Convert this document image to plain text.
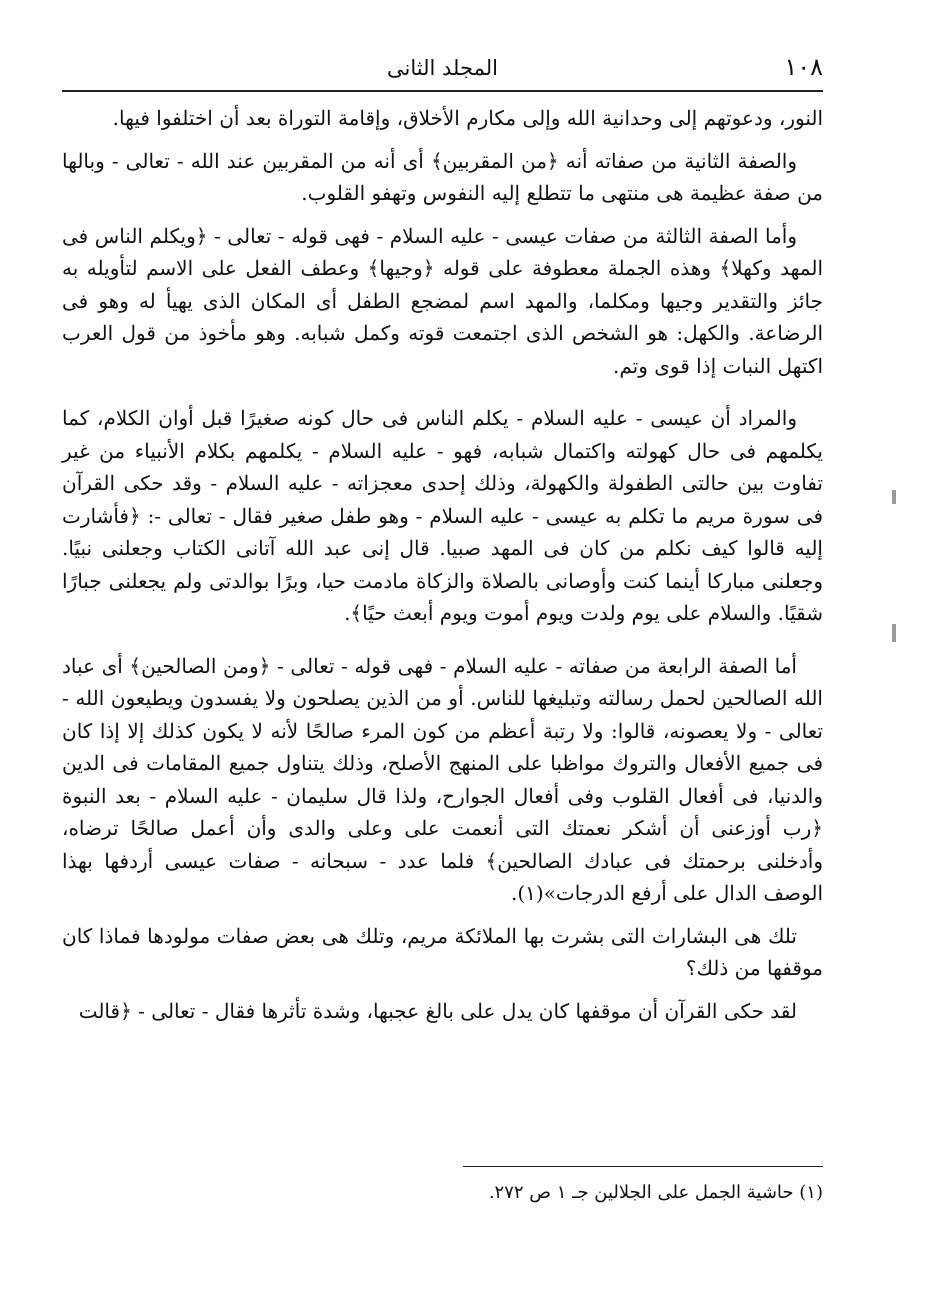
١٠٨
المجلد الثانى

النور، ودعوتهم إلى وحدانية الله وإلى مكارم الأخلاق، وإقامة التوراة بعد أن اختلفوا فيها.

والصفة الثانية من صفاته أنه ﴿من المقربين﴾ أى أنه من المقربين عند الله - تعالى - وبالها من صفة عظيمة هى منتهى ما تتطلع إليه النفوس وتهفو القلوب.

وأما الصفة الثالثة من صفات عيسى - عليه السلام - فهى قوله - تعالى - ﴿ويكلم الناس فى المهد وكهلا﴾ وهذه الجملة معطوفة على قوله ﴿وجيها﴾ وعطف الفعل على الاسم لتأويله به جائز والتقدير وجيها ومكلما، والمهد اسم لمضجع الطفل أى المكان الذى يهيأ له وهو فى الرضاعة. والكهل: هو الشخص الذى اجتمعت قوته وكمل شبابه. وهو مأخوذ من قول العرب اكتهل النبات إذا قوى وتم.

والمراد أن عيسى - عليه السلام - يكلم الناس فى حال كونه صغيرًا قبل أوان الكلام، كما يكلمهم فى حال كهولته واكتمال شبابه، فهو - عليه السلام - يكلمهم بكلام الأنبياء من غير تفاوت بين حالتى الطفولة والكهولة، وذلك إحدى معجزاته - عليه السلام - وقد حكى القرآن فى سورة مريم ما تكلم به عيسى - عليه السلام - وهو طفل صغير فقال - تعالى -: ﴿فأشارت إليه قالوا كيف نكلم من كان فى المهد صبيا. قال إنى عبد الله آتانى الكتاب وجعلنى نبيًا. وجعلنى مباركا أينما كنت وأوصانى بالصلاة والزكاة مادمت حيا، وبرًا بوالدتى ولم يجعلنى جبارًا شقيًا. والسلام على يوم ولدت ويوم أموت ويوم أبعث حيًا﴾.

أما الصفة الرابعة من صفاته - عليه السلام - فهى قوله - تعالى - ﴿ومن الصالحين﴾ أى عباد الله الصالحين لحمل رسالته وتبليغها للناس. أو من الذين يصلحون ولا يفسدون ويطيعون الله - تعالى - ولا يعصونه، قالوا: ولا رتبة أعظم من كون المرء صالحًا لأنه لا يكون كذلك إلا إذا كان فى جميع الأفعال والتروك مواظبا على المنهج الأصلح، وذلك يتناول جميع المقامات فى الدين والدنيا، فى أفعال القلوب وفى أفعال الجوارح، ولذا قال سليمان - عليه السلام - بعد النبوة ﴿رب أوزعنى أن أشكر نعمتك التى أنعمت على وعلى والدى وأن أعمل صالحًا ترضاه، وأدخلنى برحمتك فى عبادك الصالحين﴾ فلما عدد - سبحانه - صفات عيسى أردفها بهذا الوصف الدال على أرفع الدرجات»(١).

تلك هى البشارات التى بشرت بها الملائكة مريم، وتلك هى بعض صفات مولودها فماذا كان موقفها من ذلك؟

لقد حكى القرآن أن موقفها كان يدل على بالغ عجبها، وشدة تأثرها فقال - تعالى - ﴿قالت

(١) حاشية الجمل على الجلالين جـ ١ ص ٢٧٢.
